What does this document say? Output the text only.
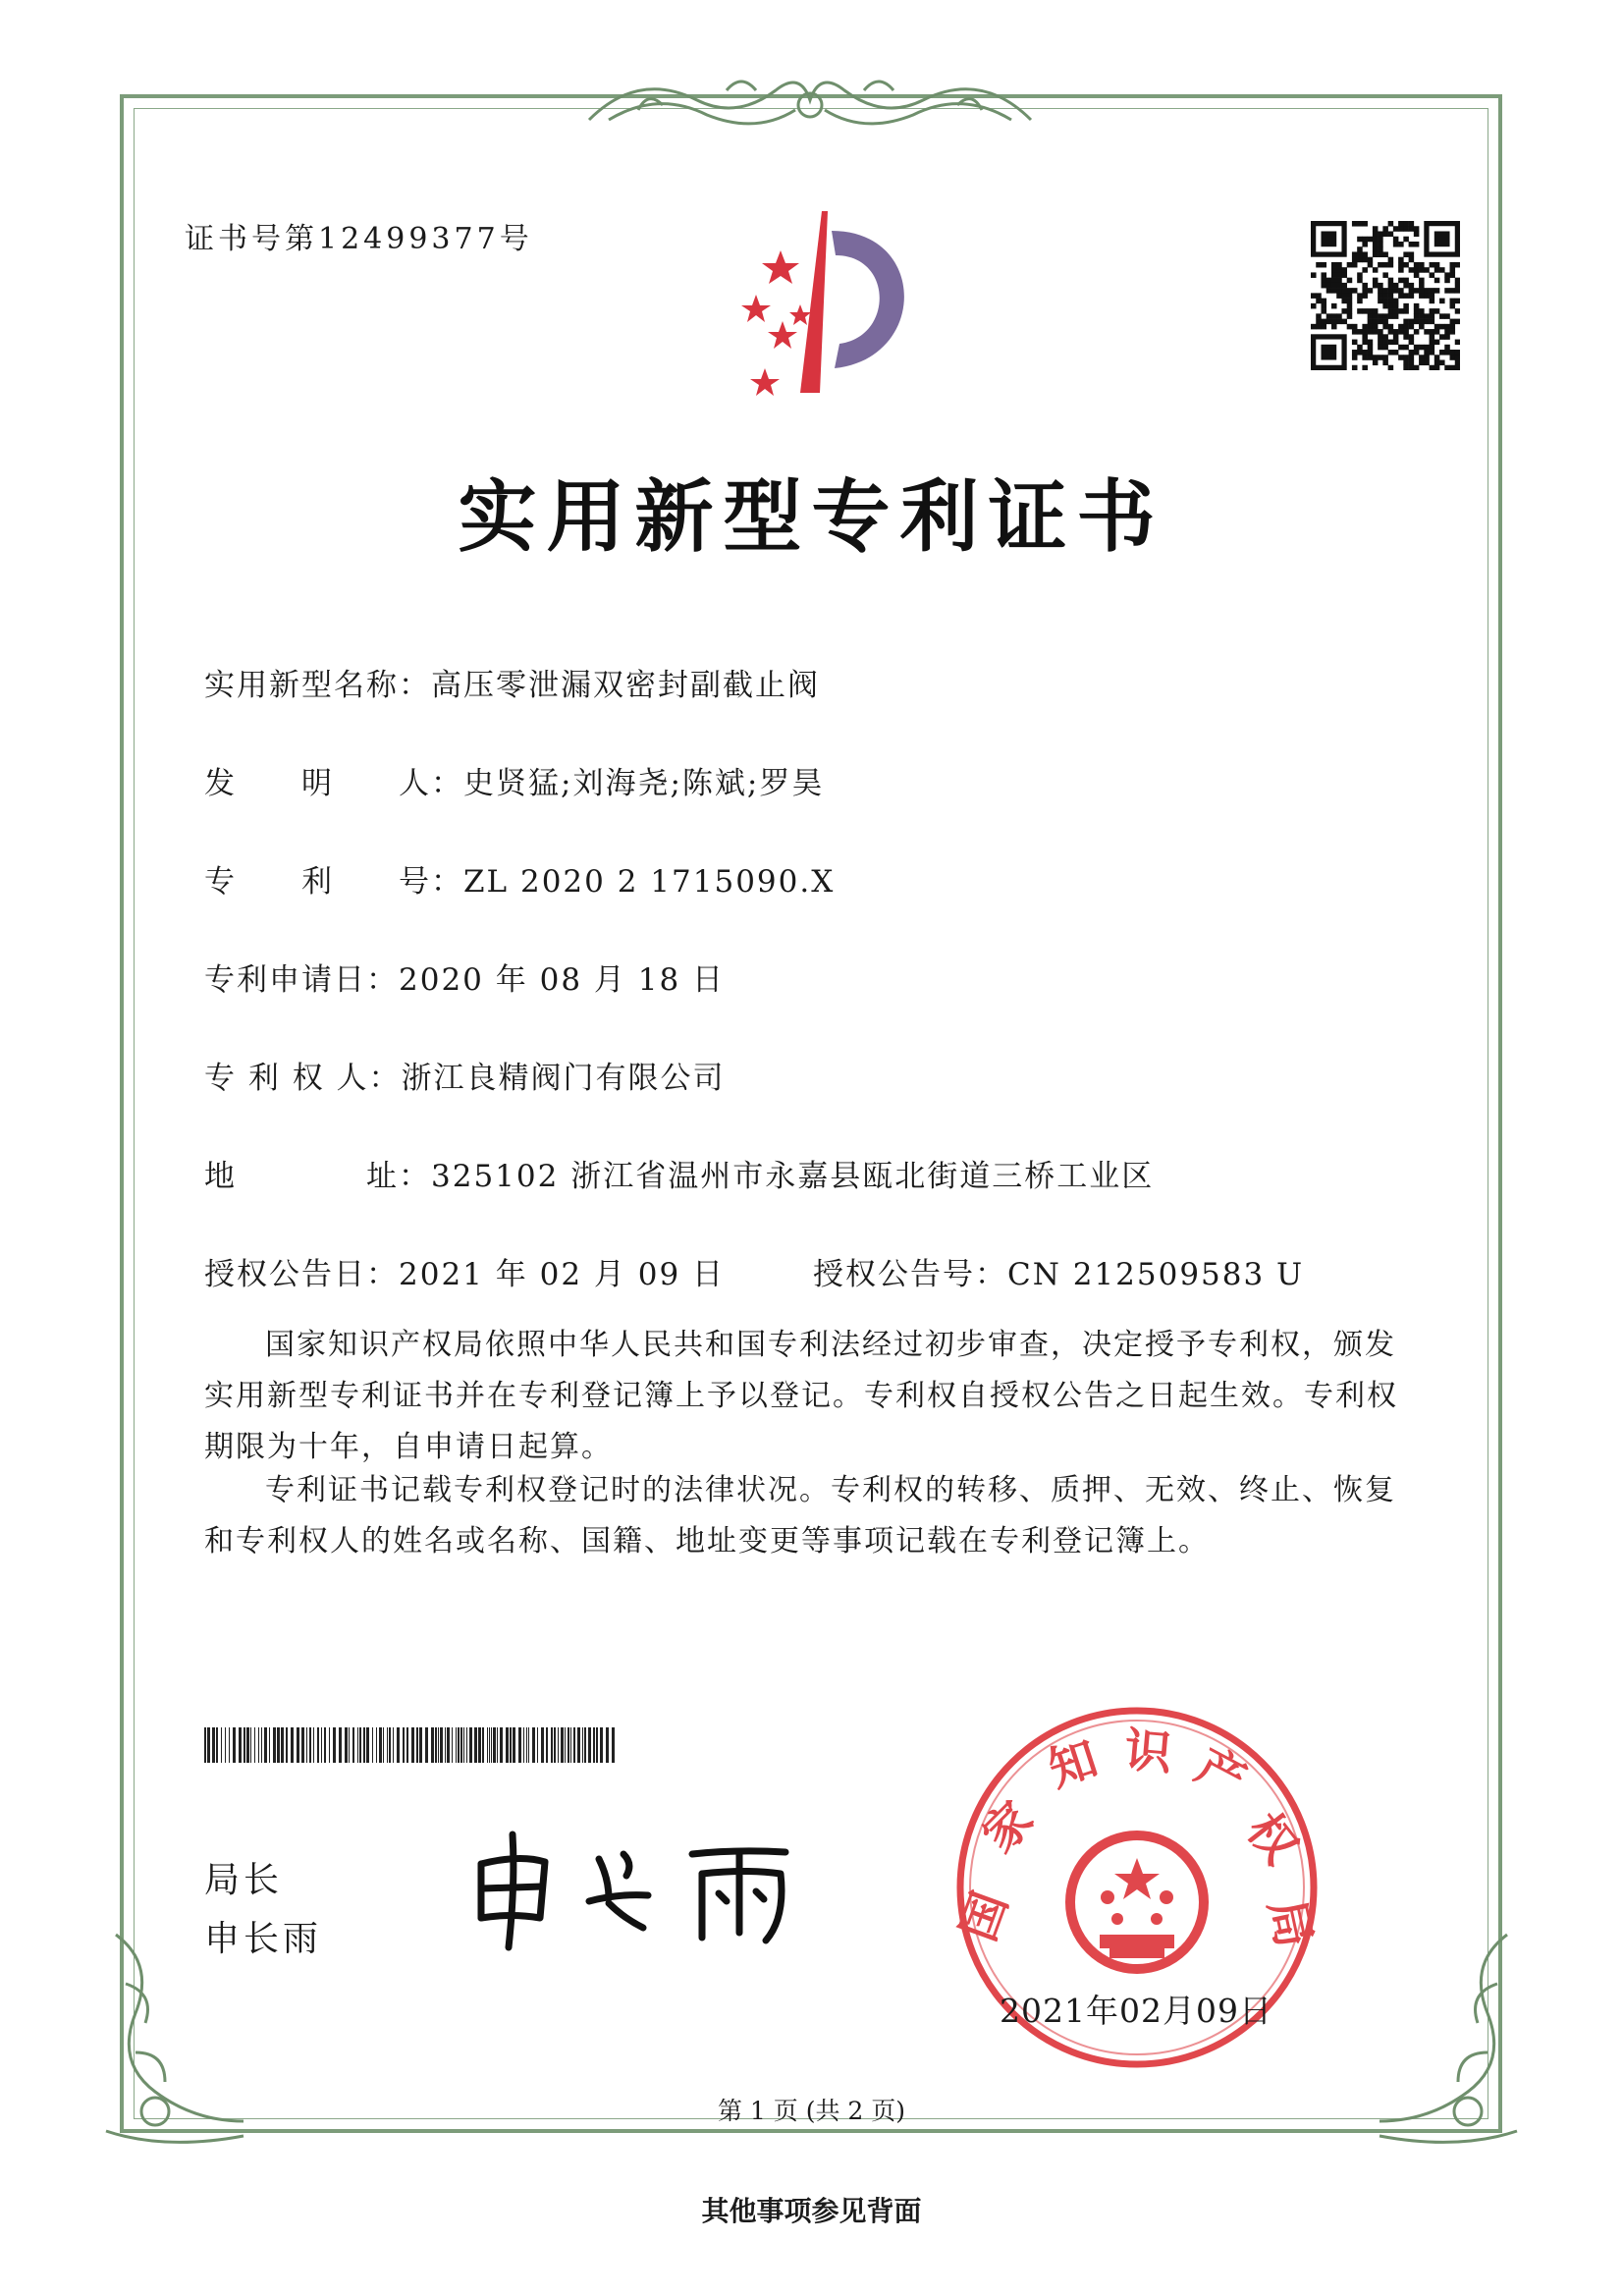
证书号第12499377号
实用新型专利证书
实用新型名称：高压零泄漏双密封副截止阀
发　　明　　人：史贤猛;刘海尧;陈斌;罗昊
专　　利　　号：ZL 2020 2 1715090.X
专利申请日：2020 年 08 月 18 日
专 利 权 人：浙江良精阀门有限公司
地　　　　址：325102 浙江省温州市永嘉县瓯北街道三桥工业区
授权公告日：2021 年 02 月 09 日	授权公告号：CN 212509583 U
国家知识产权局依照中华人民共和国专利法经过初步审查，决定授予专利权，颁发实用新型专利证书并在专利登记簿上予以登记。专利权自授权公告之日起生效。专利权期限为十年，自申请日起算。
专利证书记载专利权登记时的法律状况。专利权的转移、质押、无效、终止、恢复和专利权人的姓名或名称、国籍、地址变更等事项记载在专利登记簿上。
局长
申长雨	国
家
知 识 产
权
局
2021年02月09日
第 1 页 (共 2 页)
其他事项参见背面
